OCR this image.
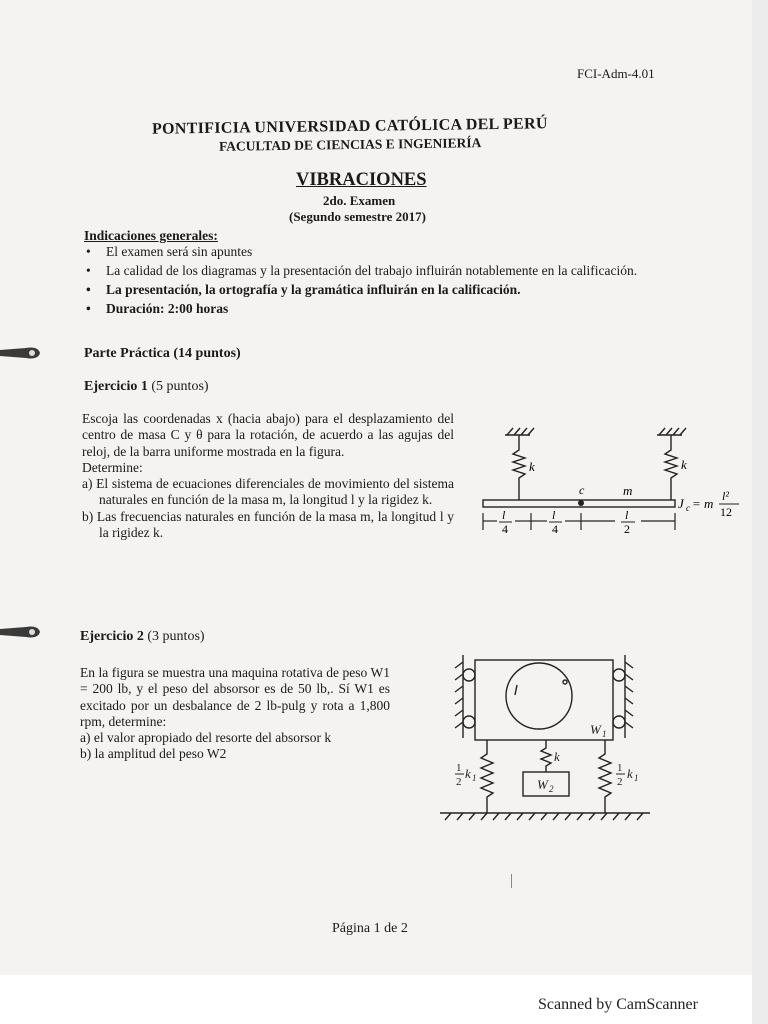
FCI-Adm-4.01
PONTIFICIA UNIVERSIDAD CATÓLICA DEL PERÚ
FACULTAD DE CIENCIAS E INGENIERÍA
VIBRACIONES
2do. Examen
(Segundo semestre 2017)
Indicaciones generales:
• El examen será sin apuntes
• La calidad de los diagramas y la presentación del trabajo influirán notablemente en la calificación.
• La presentación, la ortografía y la gramática influirán en la calificación.
• Duración: 2:00 horas
Parte Práctica (14 puntos)
Ejercicio 1 (5 puntos)
Escoja las coordenadas x (hacia abajo) para el desplazamiento del centro de masa C y θ para la rotación, de acuerdo a las agujas del reloj, de la barra uniforme mostrada en la figura.
Determine:
a) El sistema de ecuaciones diferenciales de movimiento del sistema naturales en función de la masa m, la longitud l y la rigidez k.
b) Las frecuencias naturales en función de la masa m, la longitud l y la rigidez k.
k	k
c	m
J c = m l²
12
l
4
l
4
l
2
Ejercicio 2 (3 puntos)
En la figura se muestra una maquina rotativa de peso W1 = 200 lb, y el peso del absorsor es de 50 lb,. Sí W1 es excitado por un desbalance de 2 lb-pulg y rota a 1,800 rpm, determine:
a) el valor apropiado del resorte del absorsor k
b) la amplitud del peso W2
W 1
W 2
k
1
2
k 1
1
2
k 1
Página 1 de 2
Scanned by CamScanner
